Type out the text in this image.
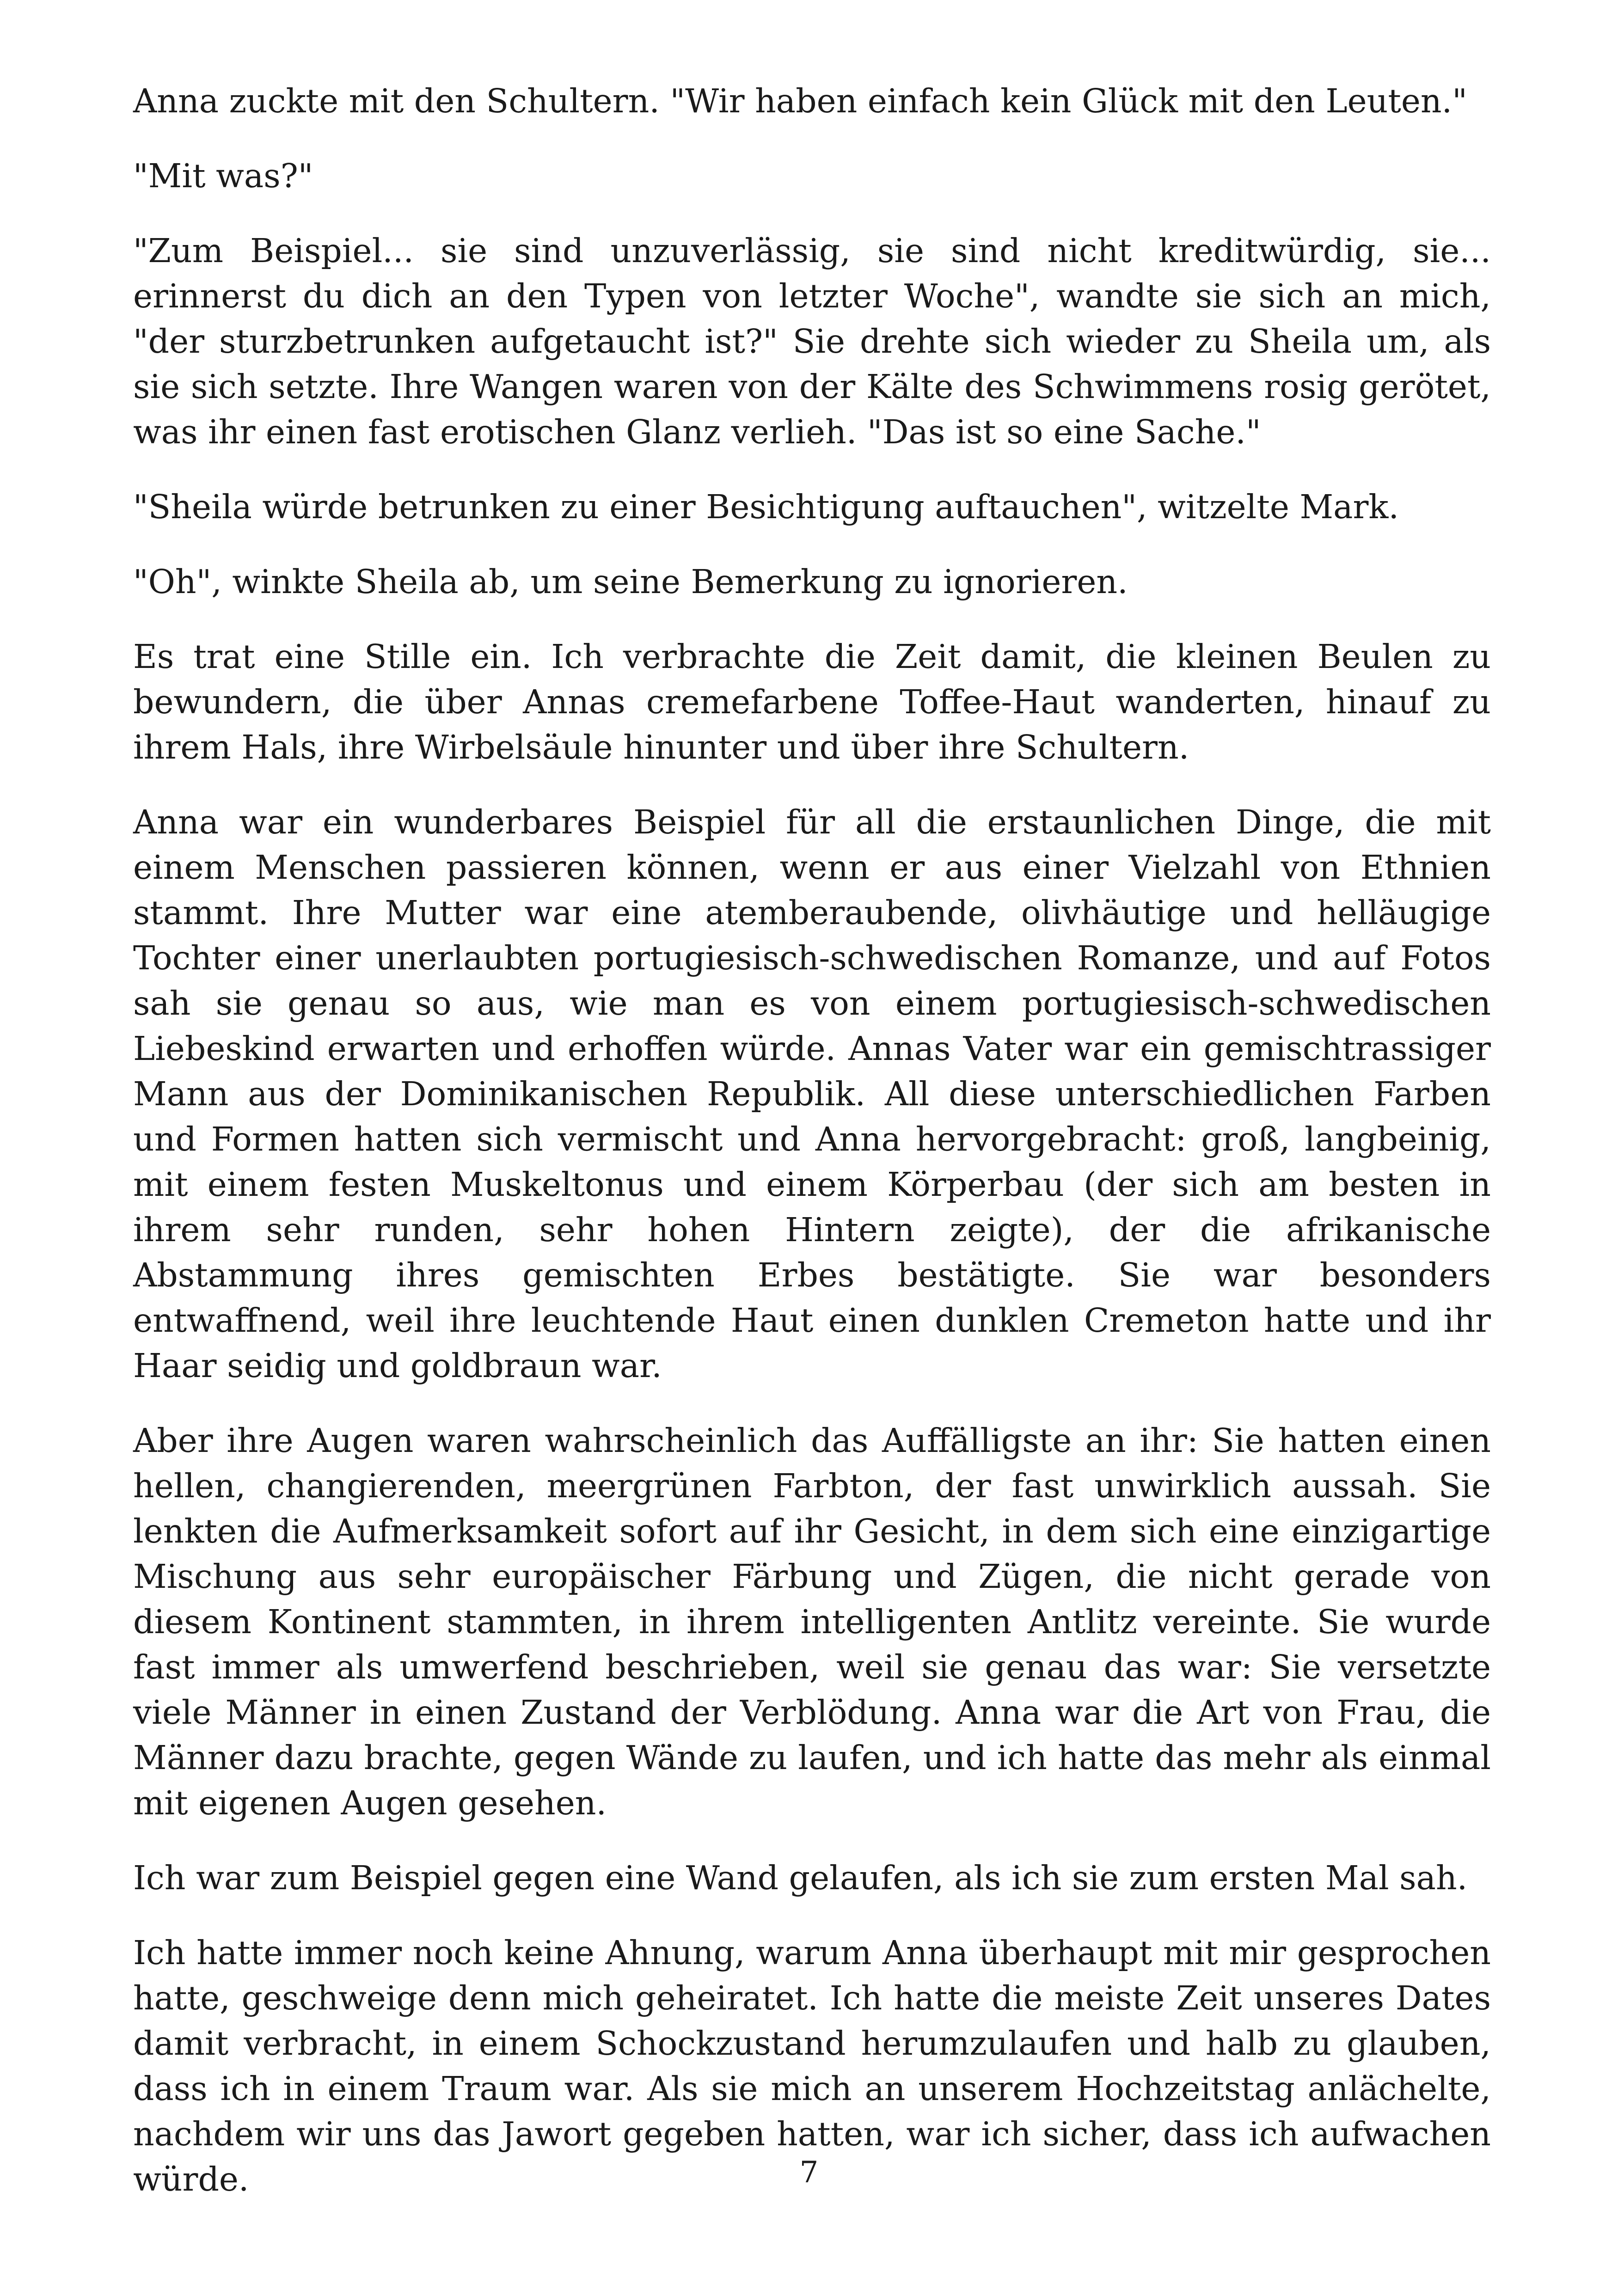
Anna zuckte mit den Schultern. "Wir haben einfach kein Glück mit den Leuten."

"Mit was?"

"Zum Beispiel... sie sind unzuverlässig, sie sind nicht kreditwürdig, sie... erinnerst du dich an den Typen von letzter Woche", wandte sie sich an mich, "der sturzbetrunken aufgetaucht ist?" Sie drehte sich wieder zu Sheila um, als sie sich setzte. Ihre Wangen waren von der Kälte des Schwimmens rosig gerötet, was ihr einen fast erotischen Glanz verlieh. "Das ist so eine Sache."

"Sheila würde betrunken zu einer Besichtigung auftauchen", witzelte Mark.

"Oh", winkte Sheila ab, um seine Bemerkung zu ignorieren.

Es trat eine Stille ein. Ich verbrachte die Zeit damit, die kleinen Beulen zu bewundern, die über Annas cremefarbene Toffee-Haut wanderten, hinauf zu ihrem Hals, ihre Wirbelsäule hinunter und über ihre Schultern.

Anna war ein wunderbares Beispiel für all die erstaunlichen Dinge, die mit einem Menschen passieren können, wenn er aus einer Vielzahl von Ethnien stammt. Ihre Mutter war eine atemberaubende, olivhäutige und helläugige Tochter einer unerlaubten portugiesisch-schwedischen Romanze, und auf Fotos sah sie genau so aus, wie man es von einem portugiesisch-schwedischen Liebeskind erwarten und erhoffen würde. Annas Vater war ein gemischtrassiger Mann aus der Dominikanischen Republik. All diese unterschiedlichen Farben und Formen hatten sich vermischt und Anna hervorgebracht: groß, langbeinig, mit einem festen Muskeltonus und einem Körperbau (der sich am besten in ihrem sehr runden, sehr hohen Hintern zeigte), der die afrikanische Abstammung ihres gemischten Erbes bestätigte. Sie war besonders entwaffnend, weil ihre leuchtende Haut einen dunklen Cremeton hatte und ihr Haar seidig und goldbraun war.

Aber ihre Augen waren wahrscheinlich das Auffälligste an ihr: Sie hatten einen hellen, changierenden, meergrünen Farbton, der fast unwirklich aussah. Sie lenkten die Aufmerksamkeit sofort auf ihr Gesicht, in dem sich eine einzigartige Mischung aus sehr europäischer Färbung und Zügen, die nicht gerade von diesem Kontinent stammten, in ihrem intelligenten Antlitz vereinte. Sie wurde fast immer als umwerfend beschrieben, weil sie genau das war: Sie versetzte viele Männer in einen Zustand der Verblödung. Anna war die Art von Frau, die Männer dazu brachte, gegen Wände zu laufen, und ich hatte das mehr als einmal mit eigenen Augen gesehen.

Ich war zum Beispiel gegen eine Wand gelaufen, als ich sie zum ersten Mal sah.

Ich hatte immer noch keine Ahnung, warum Anna überhaupt mit mir gesprochen hatte, geschweige denn mich geheiratet. Ich hatte die meiste Zeit unseres Dates damit verbracht, in einem Schockzustand herumzulaufen und halb zu glauben, dass ich in einem Traum war. Als sie mich an unserem Hochzeitstag anlächelte, nachdem wir uns das Jawort gegeben hatten, war ich sicher, dass ich aufwachen würde.	7
